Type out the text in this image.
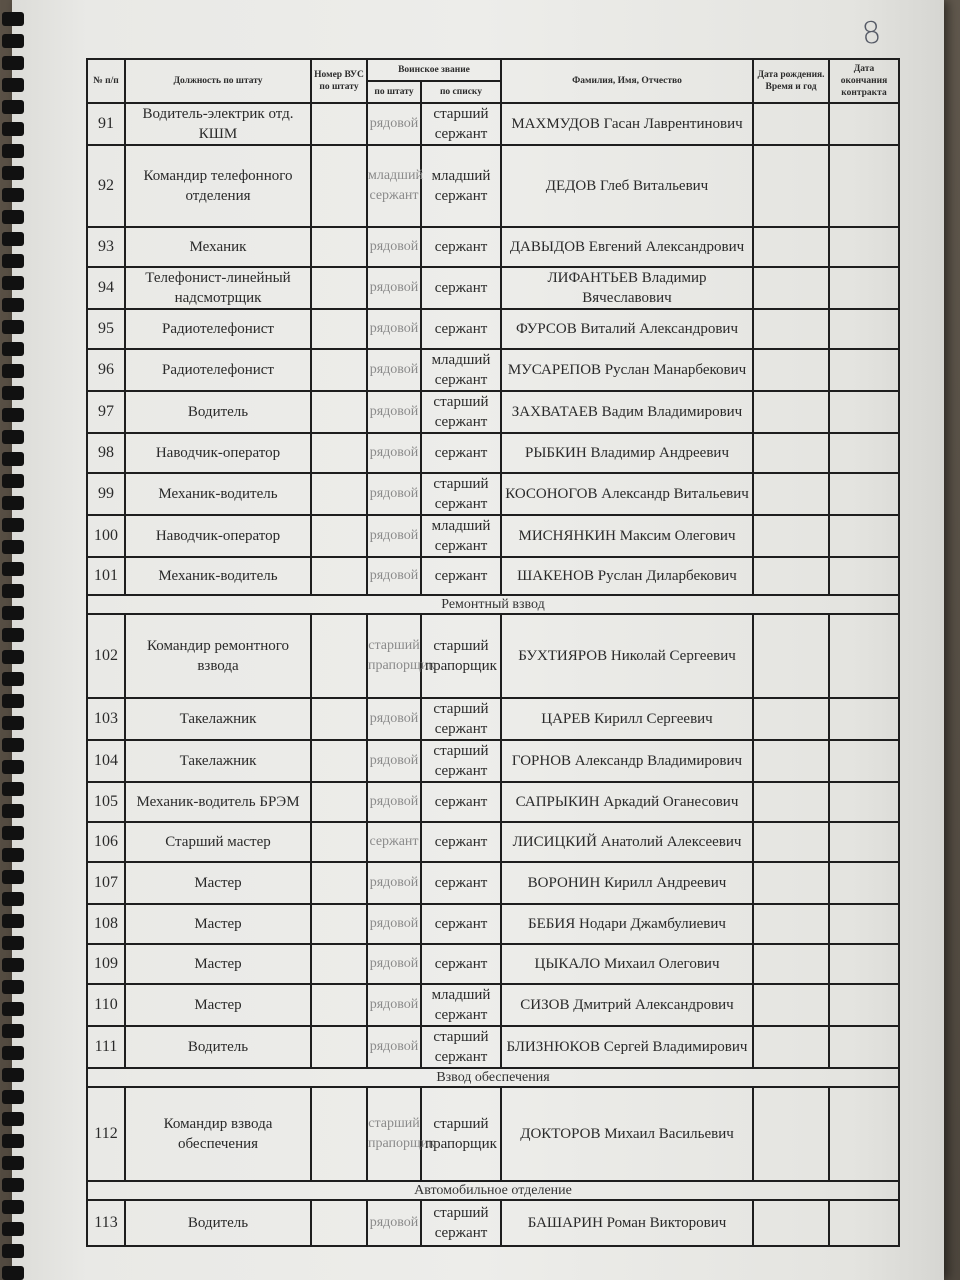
8
№ п/п	Должность по штату	Номер ВУС по штату	Воинское звание		Фамилия, Имя, Отчество	Дата рождения. Время и год	Дата окончания контракта
			по штату	по списку			
91	Водитель-электрик отд. КШМ		рядовой	старший сержант	МАХМУДОВ Гасан Лаврентинович		
92	Командир телефонного отделения		младший сержант	младший сержант	ДЕДОВ Глеб Витальевич		
93	Механик		рядовой	сержант	ДАВЫДОВ Евгений Александрович		
94	Телефонист-линейный надсмотрщик		рядовой	сержант	ЛИФАНТЬЕВ Владимир Вячеславович		
95	Радиотелефонист		рядовой	сержант	ФУРСОВ Виталий Александрович		
96	Радиотелефонист		рядовой	младший сержант	МУСАРЕПОВ Руслан Манарбекович		
97	Водитель		рядовой	старший сержант	ЗАХВАТАЕВ Вадим Владимирович		
98	Наводчик-оператор		рядовой	сержант	РЫБКИН Владимир Андреевич		
99	Механик-водитель		рядовой	старший сержант	КОСОНОГОВ Александр Витальевич		
100	Наводчик-оператор		рядовой	младший сержант	МИСНЯНКИН Максим Олегович		
101	Механик-водитель		рядовой	сержант	ШАКЕНОВ Руслан Диларбекович		
Ремонтный взвод							
102	Командир ремонтного взвода		старший прапорщик	старший прапорщик	БУХТИЯРОВ Николай Сергеевич		
103	Такелажник		рядовой	старший сержант	ЦАРЕВ Кирилл Сергеевич		
104	Такелажник		рядовой	старший сержант	ГОРНОВ Александр Владимирович		
105	Механик-водитель БРЭМ		рядовой	сержант	САПРЫКИН Аркадий Оганесович		
106	Старший мастер		сержант	сержант	ЛИСИЦКИЙ Анатолий Алексеевич		
107	Мастер		рядовой	сержант	ВОРОНИН Кирилл Андреевич		
108	Мастер		рядовой	сержант	БЕБИЯ Нодари Джамбулиевич		
109	Мастер		рядовой	сержант	ЦЫКАЛО Михаил Олегович		
110	Мастер		рядовой	младший сержант	СИЗОВ Дмитрий Александрович		
111	Водитель		рядовой	старший сержант	БЛИЗНЮКОВ Сергей Владимирович		
Взвод обеспечения							
112	Командир взвода обеспечения		старший прапорщик	старший прапорщик	ДОКТОРОВ Михаил Васильевич		
Автомобильное отделение							
113	Водитель		рядовой	старший сержант	БАШАРИН Роман Викторович		
